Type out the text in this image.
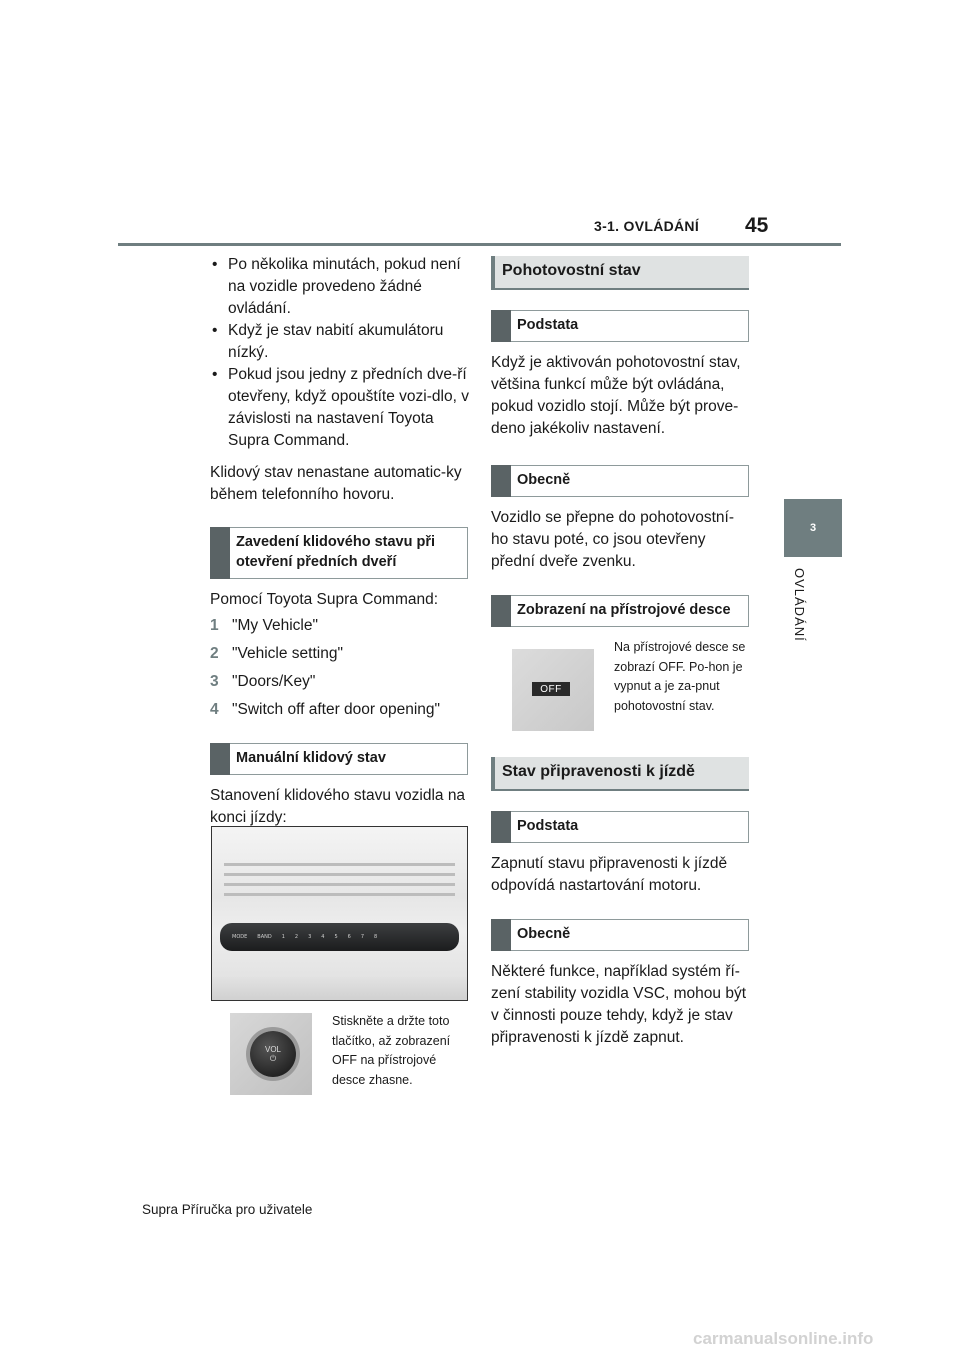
3-1. OVLÁDÁNÍ 45
3
OVLÁDÁNÍ
• Po několika minutách, pokud není na vozidle provedeno žádné ovládání.
• Když je stav nabití akumulátoru nízký.
• Pokud jsou jedny z předních dve-ří otevřeny, když opouštíte vozi-dlo, v závislosti na nastavení Toyota Supra Command.

Klidový stav nenastane automatic-ky během telefonního hovoru.

Zavedení klidového stavu při otevření předních dveří

Pomocí Toyota Supra Command:

1 "My Vehicle"
2 "Vehicle setting"
3 "Doors/Key"
4 "Switch off after door opening"
Manuální klidový stav

Stanovení klidového stavu vozidla na konci jízdy:

MODE BAND 1 2 3 4 5 6 7 8
VOL
⏻
Stiskněte a držte toto tlačítko, až zobrazení OFF na přístrojové desce zhasne.
Pohotovostní stav
Podstata

Když je aktivován pohotovostní stav, většina funkcí může být ovládána, pokud vozidlo stojí. Může být prove-deno jakékoliv nastavení.

Obecně

Vozidlo se přepne do pohotovostní-ho stavu poté, co jsou otevřeny přední dveře zvenku.

Zobrazení na přístrojové desce
OFF
Na přístrojové desce se zobrazí OFF. Po-hon je vypnut a je za-pnut pohotovostní stav.
Stav připravenosti k jízdě
Podstata

Zapnutí stavu připravenosti k jízdě odpovídá nastartování motoru.

Obecně

Některé funkce, například systém ří-zení stability vozidla VSC, mohou být v činnosti pouze tehdy, když je stav připravenosti k jízdě zapnut.

Supra Příručka pro uživatele
carmanualsonline.info
